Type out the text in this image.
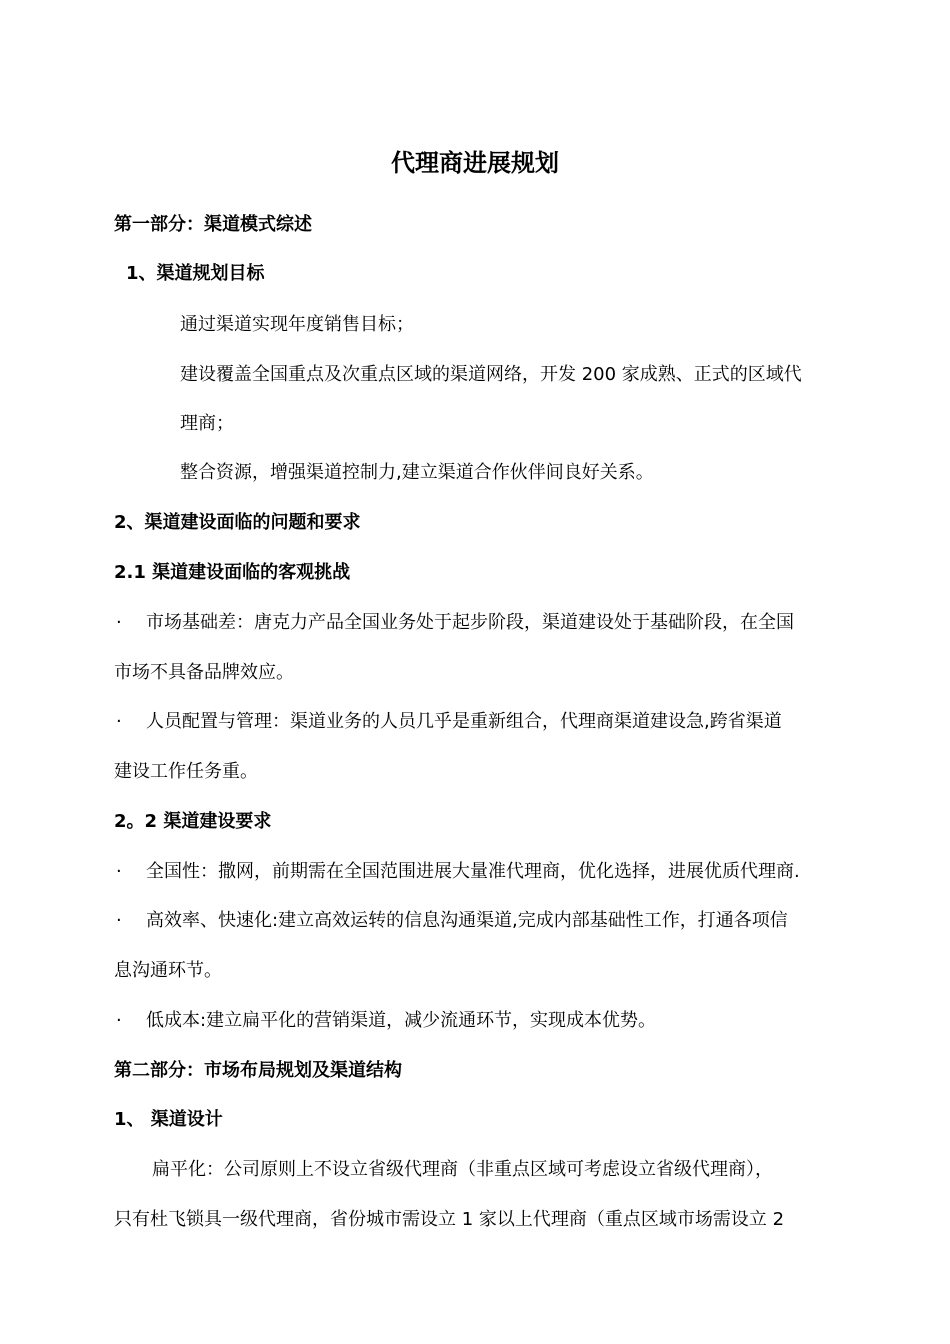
代理商进展规划
第一部分：渠道模式综述
1、渠道规划目标
通过渠道实现年度销售目标；
建设覆盖全国重点及次重点区域的渠道网络，开发 200 家成熟、正式的区域代
理商；
整合资源，增强渠道控制力,建立渠道合作伙伴间良好关系。
2、渠道建设面临的问题和要求
2.1 渠道建设面临的客观挑战
· 市场基础差：唐克力产品全国业务处于起步阶段，渠道建设处于基础阶段，在全国
市场不具备品牌效应。
· 人员配置与管理：渠道业务的人员几乎是重新组合，代理商渠道建设急,跨省渠道
建设工作任务重。
2。2 渠道建设要求
· 全国性：撒网，前期需在全国范围进展大量准代理商，优化选择，进展优质代理商.
· 高效率、快速化:建立高效运转的信息沟通渠道,完成内部基础性工作，打通各项信
息沟通环节。
· 低成本:建立扁平化的营销渠道，减少流通环节，实现成本优势。
第二部分：市场布局规划及渠道结构
1、 渠道设计
扁平化：公司原则上不设立省级代理商（非重点区域可考虑设立省级代理商），
只有杜飞锁具一级代理商，省份城市需设立 1 家以上代理商（重点区域市场需设立 2
